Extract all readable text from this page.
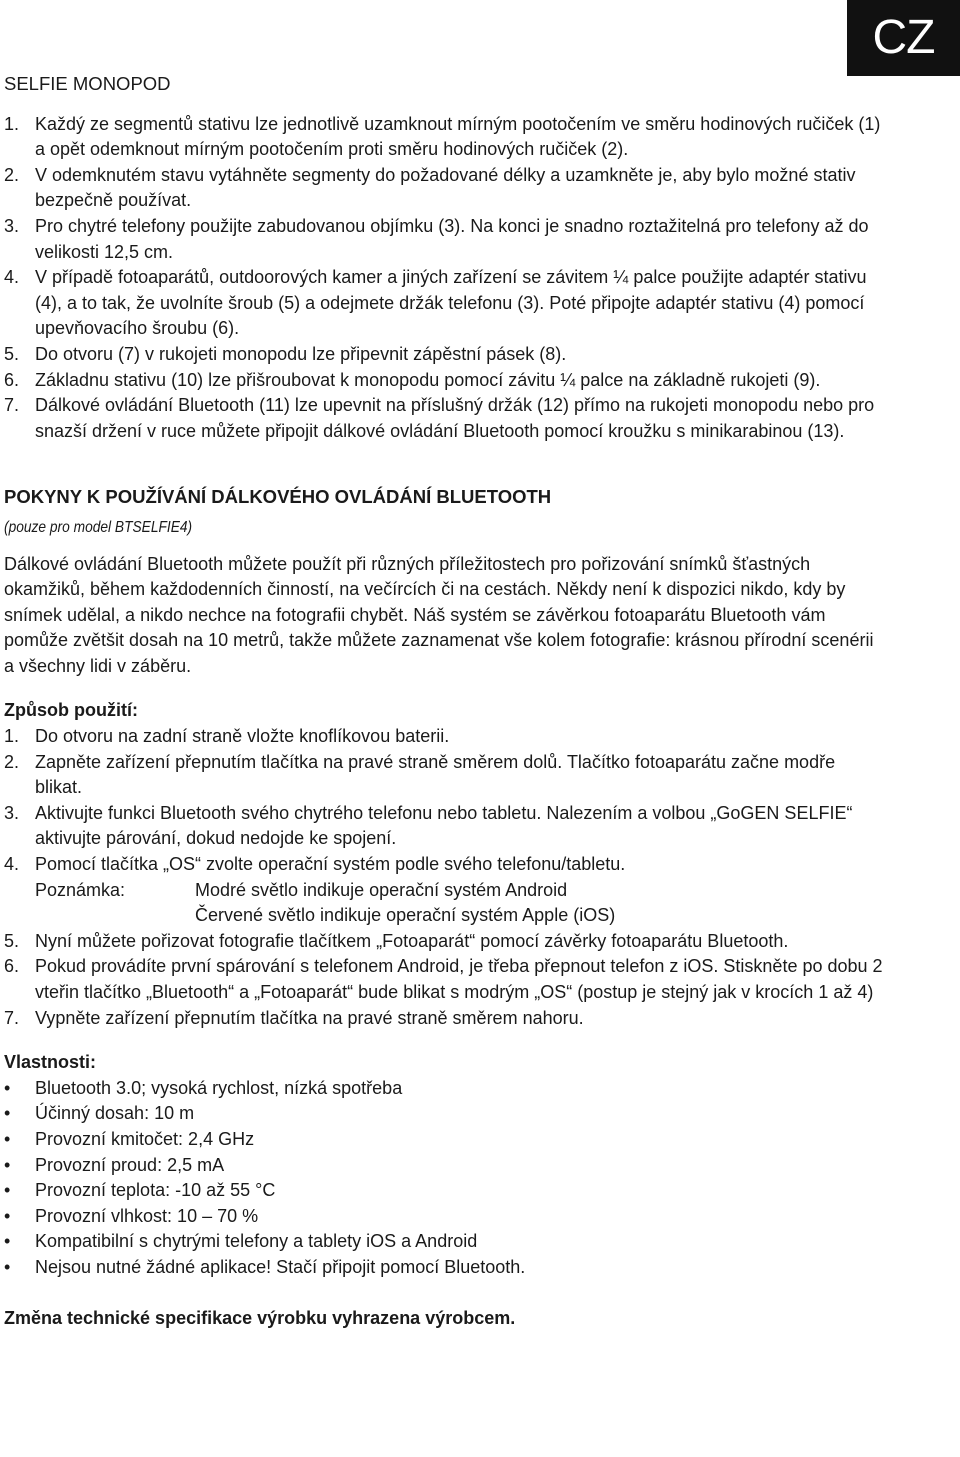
CZ
SELFIE MONOPOD
1. Každý ze segmentů stativu lze jednotlivě uzamknout mírným pootočením ve směru hodinových ručiček (1) a opět odemknout mírným pootočením proti směru hodinových ručiček (2).
2. V odemknutém stavu vytáhněte segmenty do požadované délky a uzamkněte je, aby bylo možné stativ bezpečně používat.
3. Pro chytré telefony použijte zabudovanou objímku (3). Na konci je snadno roztažitelná pro telefony až do velikosti 12,5 cm.
4. V případě fotoaparátů, outdoorových kamer a jiných zařízení se závitem ¼ palce použijte adaptér stativu (4), a to tak, že uvolníte šroub (5) a odejmete držák telefonu (3). Poté připojte adaptér stativu (4) pomocí upevňovacího šroubu (6).
5. Do otvoru (7) v rukojeti monopodu lze připevnit zápěstní pásek (8).
6. Základnu stativu (10) lze přišroubovat k monopodu pomocí závitu ¼ palce na základně rukojeti (9).
7. Dálkové ovládání Bluetooth (11) lze upevnit na příslušný držák (12) přímo na rukojeti monopodu nebo pro snazší držení v ruce můžete připojit dálkové ovládání Bluetooth pomocí kroužku s minikarabinou (13).
POKYNY K POUŽÍVÁNÍ DÁLKOVÉHO OVLÁDÁNÍ BLUETOOTH
(pouze pro model BTSELFIE4)

Dálkové ovládání Bluetooth můžete použít při různých příležitostech pro pořizování snímků šťastných okamžiků, během každodenních činností, na večírcích či na cestách. Někdy není k dispozici nikdo, kdy by snímek udělal, a nikdo nechce na fotografii chybět. Náš systém se závěrkou fotoaparátu Bluetooth vám pomůže zvětšit dosah na 10 metrů, takže můžete zaznamenat vše kolem fotografie: krásnou přírodní scenérii a všechny lidi v záběru.

Způsob použití:
1. Do otvoru na zadní straně vložte knoflíkovou baterii.
2. Zapněte zařízení přepnutím tlačítka na pravé straně směrem dolů. Tlačítko fotoaparátu začne modře blikat.
3. Aktivujte funkci Bluetooth svého chytrého telefonu nebo tabletu. Nalezením a volbou „GoGEN SELFIE“ aktivujte párování, dokud nedojde ke spojení.
4. Pomocí tlačítka „OS“ zvolte operační systém podle svého telefonu/tabletu.
Poznámka:	Modré světlo indikuje operační systém Android
Červené světlo indikuje operační systém Apple (iOS)
5. Nyní můžete pořizovat fotografie tlačítkem „Fotoaparát“ pomocí závěrky fotoaparátu Bluetooth.
6. Pokud provádíte první spárování s telefonem Android, je třeba přepnout telefon z iOS. Stiskněte po dobu 2 vteřin tlačítko „Bluetooth“ a „Fotoaparát“ bude blikat s modrým „OS“ (postup je stejný jak v krocích 1 až 4)
7. Vypněte zařízení přepnutím tlačítka na pravé straně směrem nahoru.
Vlastnosti:
• Bluetooth 3.0; vysoká rychlost, nízká spotřeba
• Účinný dosah: 10 m
• Provozní kmitočet: 2,4 GHz
• Provozní proud: 2,5 mA
• Provozní teplota: -10 až 55 °C
• Provozní vlhkost: 10 – 70 %
• Kompatibilní s chytrými telefony a tablety iOS a Android
• Nejsou nutné žádné aplikace! Stačí připojit pomocí Bluetooth.
Změna technické specifikace výrobku vyhrazena výrobcem.
